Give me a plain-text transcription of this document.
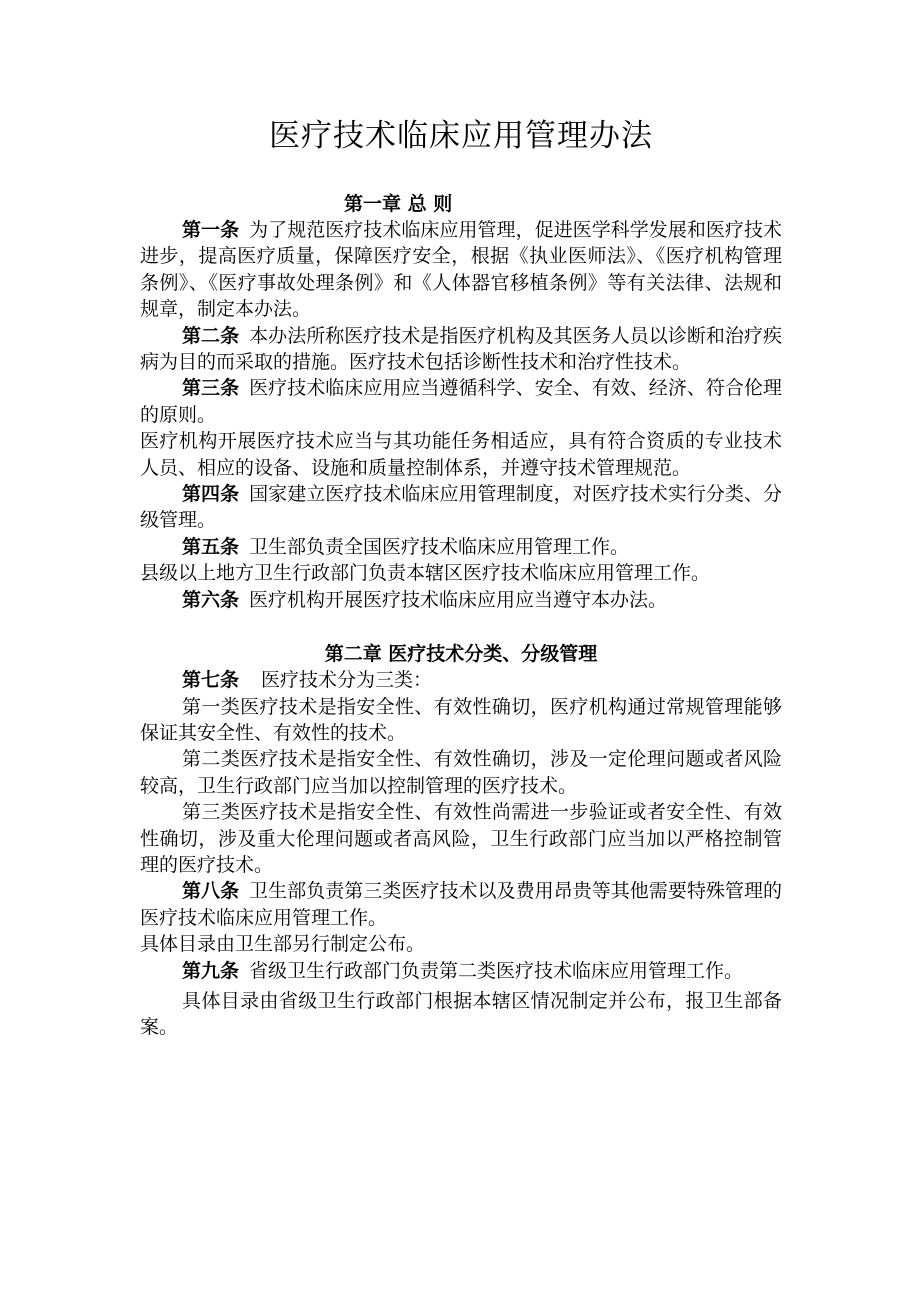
医疗技术临床应用管理办法

第一章 总 则

第一条 为了规范医疗技术临床应用管理，促进医学科学发展和医疗技术进步，提高医疗质量，保障医疗安全，根据《执业医师法》、《医疗机构管理条例》、《医疗事故处理条例》和《人体器官移植条例》等有关法律、法规和规章，制定本办法。

第二条 本办法所称医疗技术是指医疗机构及其医务人员以诊断和治疗疾病为目的而采取的措施。医疗技术包括诊断性技术和治疗性技术。

第三条 医疗技术临床应用应当遵循科学、安全、有效、经济、符合伦理的原则。

医疗机构开展医疗技术应当与其功能任务相适应，具有符合资质的专业技术人员、相应的设备、设施和质量控制体系，并遵守技术管理规范。

第四条 国家建立医疗技术临床应用管理制度，对医疗技术实行分类、分级管理。

第五条 卫生部负责全国医疗技术临床应用管理工作。

县级以上地方卫生行政部门负责本辖区医疗技术临床应用管理工作。

第六条 医疗机构开展医疗技术临床应用应当遵守本办法。

第二章 医疗技术分类、分级管理

第七条 医疗技术分为三类：

第一类医疗技术是指安全性、有效性确切，医疗机构通过常规管理能够保证其安全性、有效性的技术。

第二类医疗技术是指安全性、有效性确切，涉及一定伦理问题或者风险较高，卫生行政部门应当加以控制管理的医疗技术。

第三类医疗技术是指安全性、有效性尚需进一步验证或者安全性、有效性确切，涉及重大伦理问题或者高风险，卫生行政部门应当加以严格控制管理的医疗技术。

第八条 卫生部负责第三类医疗技术以及费用昂贵等其他需要特殊管理的医疗技术临床应用管理工作。

具体目录由卫生部另行制定公布。

第九条 省级卫生行政部门负责第二类医疗技术临床应用管理工作。

具体目录由省级卫生行政部门根据本辖区情况制定并公布，报卫生部备案。
